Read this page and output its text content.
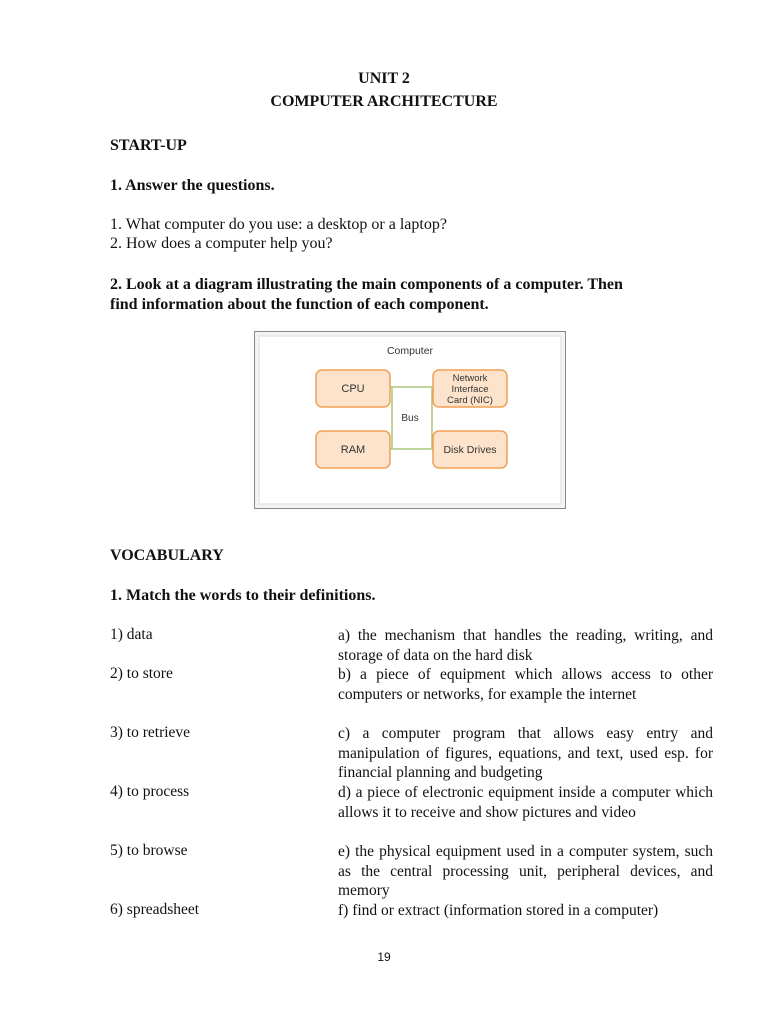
UNIT 2
COMPUTER ARCHITECTURE
START-UP
1. Answer the questions.
1. What computer do you use: a desktop or a laptop?
2. How does a computer help you?
2. Look at a diagram illustrating the main components of a computer. Then
find information about the function of each component.
Computer
Bus
CPU
Network
Interface
Card (NIC)
RAM	Disk Drives
VOCABULARY
1. Match the words to their definitions.
1) data
2) to store
3) to retrieve
4) to process
5) to browse
6) spreadsheet
a) the mechanism that handles the reading, writing, and storage of data on the hard disk
b) a piece of equipment which allows access to other computers or networks, for example the internet
c) a computer program that allows easy entry and manipulation of figures, equations, and text, used esp. for financial planning and budgeting
d) a piece of electronic equipment inside a computer which allows it to receive and show pictures and video
e) the physical equipment used in a computer system, such as the central processing unit, peripheral devices, and memory
f) find or extract (information stored in a computer)
19
